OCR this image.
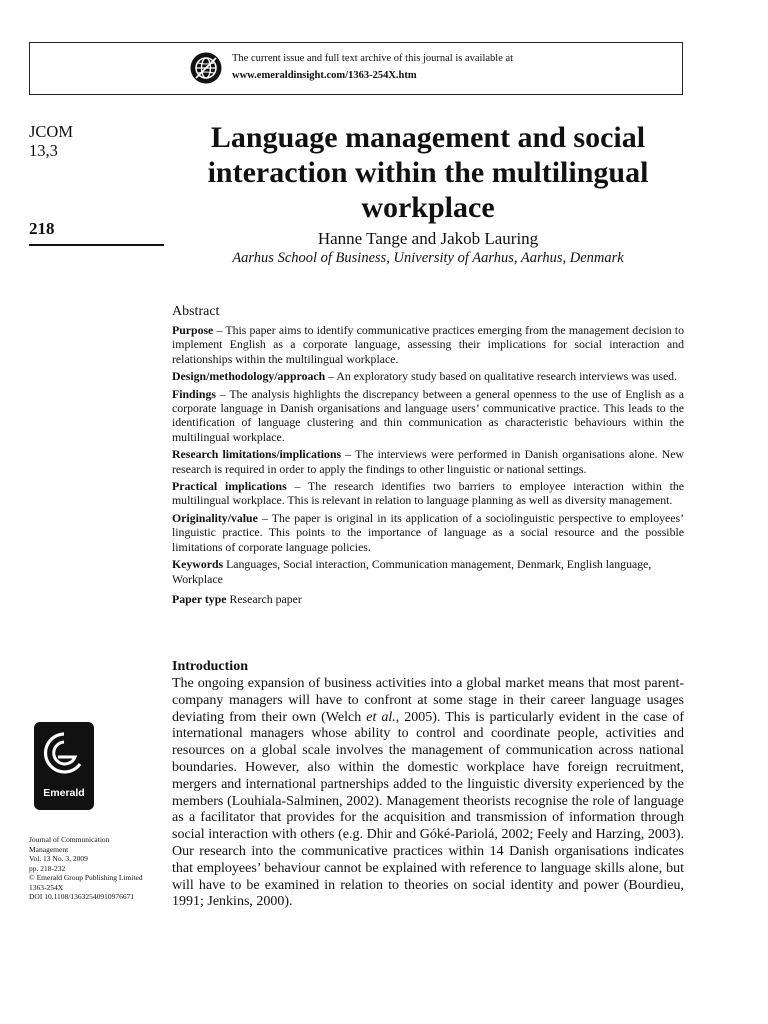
The current issue and full text archive of this journal is available at
www.emeraldinsight.com/1363-254X.htm
JCOM
13,3
218
Language management and social interaction within the multilingual workplace
Hanne Tange and Jakob Lauring
Aarhus School of Business, University of Aarhus, Aarhus, Denmark
Abstract

Purpose – This paper aims to identify communicative practices emerging from the management decision to implement English as a corporate language, assessing their implications for social interaction and relationships within the multilingual workplace.

Design/methodology/approach – An exploratory study based on qualitative research interviews was used.

Findings – The analysis highlights the discrepancy between a general openness to the use of English as a corporate language in Danish organisations and language users’ communicative practice. This leads to the identification of language clustering and thin communication as characteristic behaviours within the multilingual workplace.

Research limitations/implications – The interviews were performed in Danish organisations alone. New research is required in order to apply the findings to other linguistic or national settings.

Practical implications – The research identifies two barriers to employee interaction within the multilingual workplace. This is relevant in relation to language planning as well as diversity management.

Originality/value – The paper is original in its application of a sociolinguistic perspective to employees’ linguistic practice. This points to the importance of language as a social resource and the possible limitations of corporate language policies.

Keywords Languages, Social interaction, Communication management, Denmark, English language, Workplace

Paper type Research paper

Introduction

The ongoing expansion of business activities into a global market means that most parent-company managers will have to confront at some stage in their career language usages deviating from their own (Welch et al., 2005). This is particularly evident in the case of international managers whose ability to control and coordinate people, activities and resources on a global scale involves the management of communication across national boundaries. However, also within the domestic workplace have foreign recruitment, mergers and international partnerships added to the linguistic diversity experienced by the members (Louhiala-Salminen, 2002). Management theorists recognise the role of language as a facilitator that provides for the acquisition and transmission of information through social interaction with others (e.g. Dhir and Góké-Pariolá, 2002; Feely and Harzing, 2003). Our research into the communicative practices within 14 Danish organisations indicates that employees’ behaviour cannot be explained with reference to language skills alone, but will have to be examined in relation to theories on social identity and power (Bourdieu, 1991; Jenkins, 2000).

Emerald
Journal of Communication
Management
Vol. 13 No. 3, 2009
pp. 218-232
© Emerald Group Publishing Limited
1363-254X
DOI 10.1108/13632540910976671
